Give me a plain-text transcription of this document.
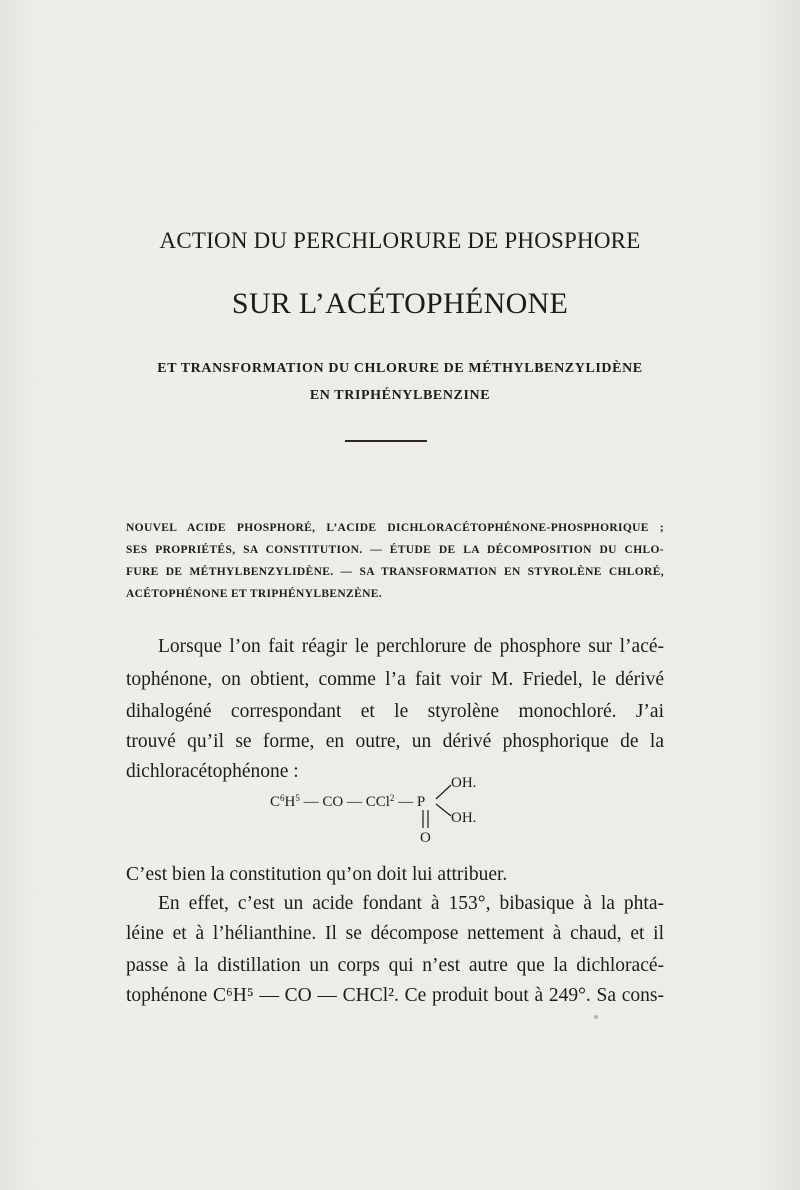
ACTION DU PERCHLORURE DE PHOSPHORE
SUR L’ACÉTOPHÉNONE
ET TRANSFORMATION DU CHLORURE DE MÉTHYLBENZYLIDÈNE
EN TRIPHÉNYLBENZINE
NOUVEL ACIDE PHOSPHORÉ, L’ACIDE DICHLORACÉTOPHÉNONE-PHOSPHORIQUE ;
SES PROPRIÉTÉS, SA CONSTITUTION. — ÉTUDE DE LA DÉCOMPOSITION DU CHLO-
FURE DE MÉTHYLBENZYLIDÈNE. — SA TRANSFORMATION EN STYROLÈNE CHLORÉ,
ACÉTOPHÉNONE ET TRIPHÉNYLBENZÈNE.
Lorsque l’on fait réagir le perchlorure de phosphore sur l’acé-
tophénone, on obtient, comme l’a fait voir M. Friedel, le dérivé
dihalogéné correspondant et le styrolène monochloré. J’ai
trouvé qu’il se forme, en outre, un dérivé phosphorique de la
dichloracétophénone :
$C^6H^5$ — CO — CCl$^2$ — P
OH.
OH.
O
C’est bien la constitution qu’on doit lui attribuer.
En effet, c’est un acide fondant à 153°, bibasique à la phta-
léine et à l’hélianthine. Il se décompose nettement à chaud, et il
passe à la distillation un corps qui n’est autre que la dichloracé-
tophénone C⁶H⁵ — CO — CHCl². Ce produit bout à 249°. Sa cons-
